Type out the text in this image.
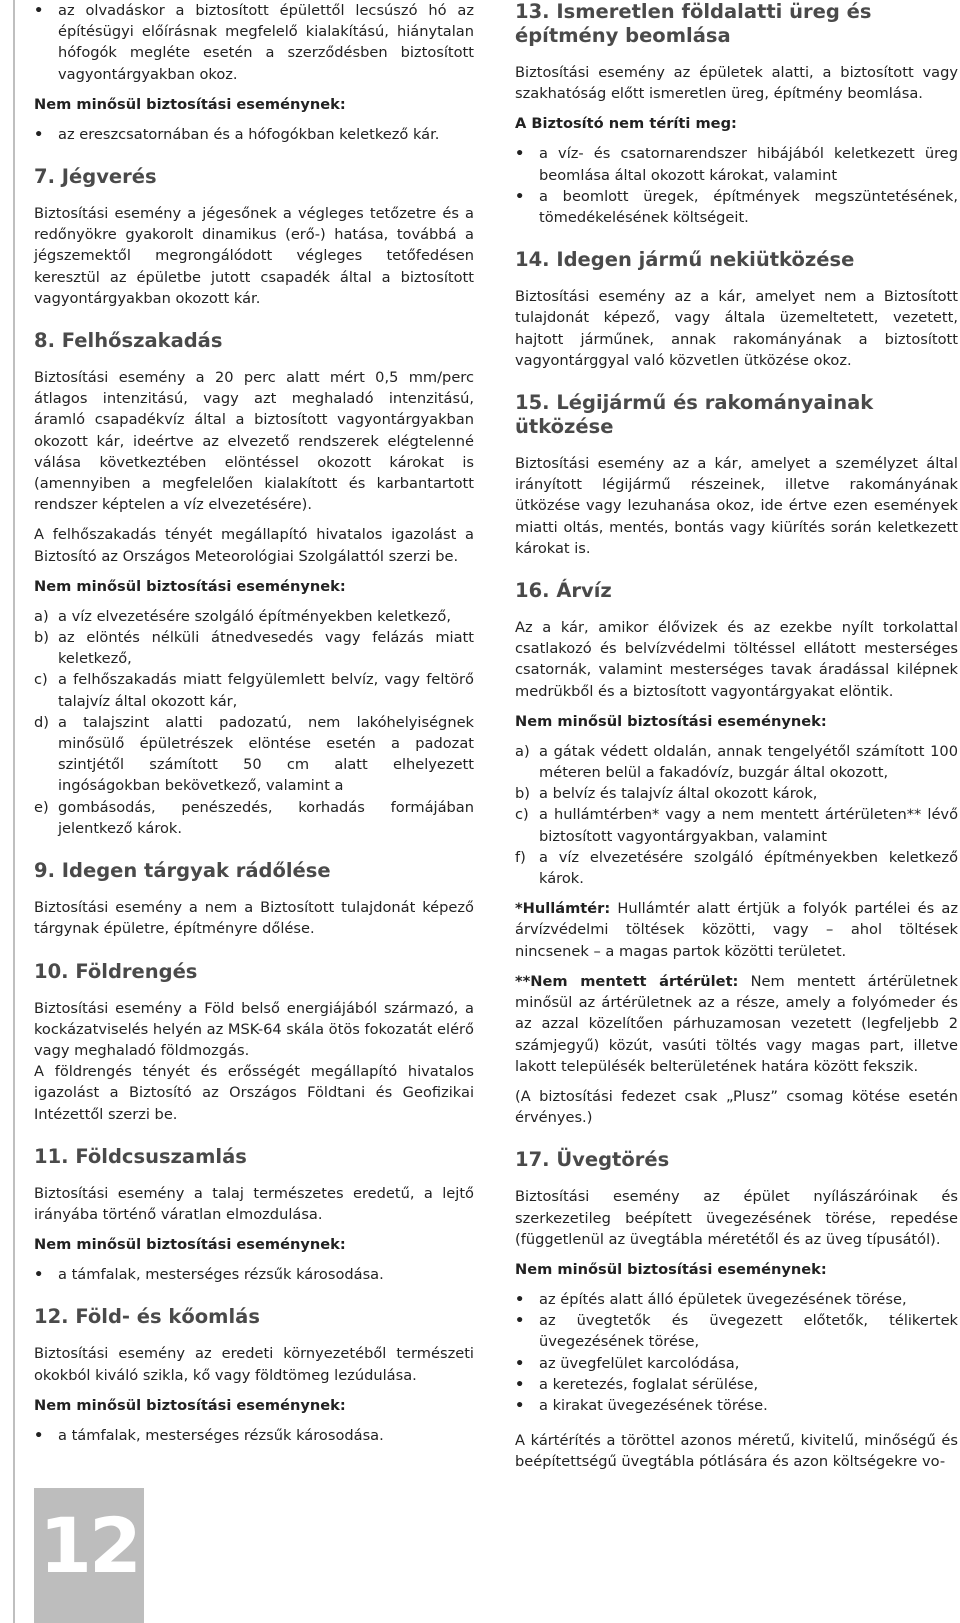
• az olvadáskor a biztosított épülettől lecsúszó hó az építésügyi előírásnak megfelelő kialakítású, hiánytalan hófogók megléte esetén a szerződésben biztosított vagyontárgyakban okoz.

Nem minősül biztosítási eseménynek:

• az ereszcsatornában és a hófogókban keletkező kár.
7. Jégverés

Biztosítási esemény a jégesőnek a végleges tetőzetre és a redőnyökre gyakorolt dinamikus (erő-) hatása, továbbá a jégszemektől megrongálódott végleges tetőfedésen keresztül az épületbe jutott csapadék által a biztosított vagyontárgyakban okozott kár.

8. Felhőszakadás

Biztosítási esemény a 20 perc alatt mért 0,5 mm/perc átlagos intenzitású, vagy azt meghaladó intenzitású, áramló csapadékvíz által a biztosított vagyontárgyakban okozott kár, ideértve az elvezető rendszerek elégtelenné válása következtében elöntéssel okozott károkat is (amennyiben a megfelelően kialakított és karbantartott rendszer képtelen a víz elvezetésére).

A felhőszakadás tényét megállapító hivatalos igazolást a Biztosító az Országos Meteorológiai Szolgálattól szerzi be.

Nem minősül biztosítási eseménynek:

a) a víz elvezetésére szolgáló építményekben keletkező,
b) az elöntés nélküli átnedvesedés vagy felázás miatt keletkező,
c) a felhőszakadás miatt felgyülemlett belvíz, vagy feltörő talajvíz által okozott kár,
d) a talajszint alatti padozatú, nem lakóhelyiségnek minősülő épületrészek elöntése esetén a padozat szintjétől számított 50 cm alatt elhelyezett ingóságokban bekövetkező, valamint a
e) gombásodás, penészedés, korhadás formájában jelentkező károk.
9. Idegen tárgyak rádőlése

Biztosítási esemény a nem a Biztosított tulajdonát képező tárgynak épületre, építményre dőlése.

10. Földrengés

Biztosítási esemény a Föld belső energiájából származó, a kockázatviselés helyén az MSK-64 skála ötös fokozatát elérő vagy meghaladó földmozgás.

A földrengés tényét és erősségét megállapító hivatalos igazolást a Biztosító az Országos Földtani és Geofizikai Intézettől szerzi be.

11. Földcsuszamlás

Biztosítási esemény a talaj természetes eredetű, a lejtő irányába történő váratlan elmozdulása.

Nem minősül biztosítási eseménynek:

• a támfalak, mesterséges rézsűk károsodása.
12. Föld- és kőomlás

Biztosítási esemény az eredeti környezetéből természeti okokból kiváló szikla, kő vagy földtömeg lezúdulása.

Nem minősül biztosítási eseménynek:

• a támfalak, mesterséges rézsűk károsodása.
13. Ismeretlen földalatti üreg és építmény beomlása

Biztosítási esemény az épületek alatti, a biztosított vagy szakhatóság előtt ismeretlen üreg, építmény beomlása.

A Biztosító nem téríti meg:

• a víz- és csatornarendszer hibájából keletkezett üreg beomlása által okozott károkat, valamint
• a beomlott üregek, építmények megszüntetésének, tömedékelésének költségeit.
14. Idegen jármű nekiütközése

Biztosítási esemény az a kár, amelyet nem a Biztosított tulajdonát képező, vagy általa üzemeltetett, vezetett, hajtott járműnek, annak rakományának a biztosított vagyontárggyal való közvetlen ütközése okoz.

15. Légijármű és rakományainak ütközése

Biztosítási esemény az a kár, amelyet a személyzet által irányított légijármű részeinek, illetve rakományának ütközése vagy lezuhanása okoz, ide értve ezen események miatti oltás, mentés, bontás vagy kiürítés során keletkezett károkat is.

16. Árvíz

Az a kár, amikor élővizek és az ezekbe nyílt torkolattal csatlakozó és belvízvédelmi töltéssel ellátott mesterséges csatornák, valamint mesterséges tavak áradással kilépnek medrükből és a biztosított vagyontárgyakat elöntik.

Nem minősül biztosítási eseménynek:

a) a gátak védett oldalán, annak tengelyétől számított 100 méteren belül a fakadóvíz, buzgár által okozott,
b) a belvíz és talajvíz által okozott károk,
c) a hullámtérben* vagy a nem mentett ártérületen** lévő biztosított vagyontárgyakban, valamint
f) a víz elvezetésére szolgáló építményekben keletkező károk.

*Hullámtér: Hullámtér alatt értjük a folyók partélei és az árvízvédelmi töltések közötti, vagy – ahol töltések nincsenek – a magas partok közötti területet.

**Nem mentett ártérület: Nem mentett ártérületnek minősül az ártérületnek az a része, amely a folyómeder és az azzal közelítően párhuzamosan vezetett (legfeljebb 2 számjegyű) közút, vasúti töltés vagy magas part, illetve lakott településék belterületének határa között fekszik.

(A biztosítási fedezet csak „Plusz” csomag kötése esetén érvényes.)

17. Üvegtörés

Biztosítási esemény az épület nyílászáróinak és szerkezetileg beépített üvegezésének törése, repedése (függetlenül az üvegtábla méretétől és az üveg típusától).

Nem minősül biztosítási eseménynek:

• az építés alatt álló épületek üvegezésének törése,
• az üvegtetők és üvegezett előtetők, télikertek üvegezésének törése,
• az üvegfelület karcolódása,
• a keretezés, foglalat sérülése,
• a kirakat üvegezésének törése.

A kártérítés a töröttel azonos méretű, kivitelű, minőségű és beépítettségű üvegtábla pótlására és azon költségekre vo-

12
